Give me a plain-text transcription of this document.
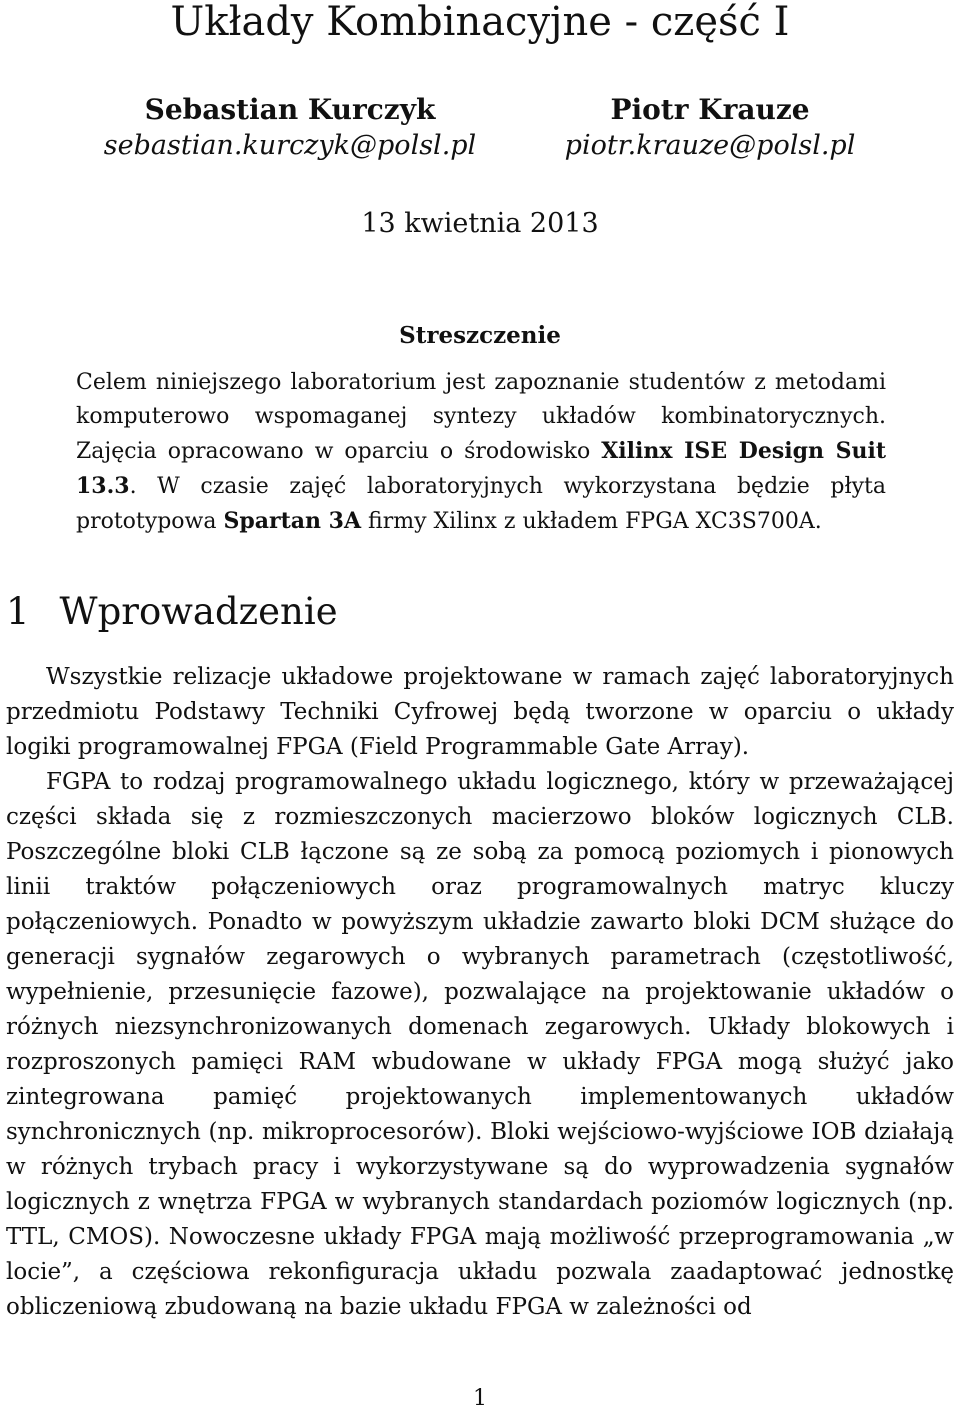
Układy Kombinacyjne - część I
Sebastian Kurczyk
sebastian.kurczyk@polsl.pl
Piotr Krauze
piotr.krauze@polsl.pl
13 kwietnia 2013
Streszczenie

Celem niniejszego laboratorium jest zapoznanie studentów z metodami komputerowo wspomaganej syntezy układów kombinatorycznych. Zajęcia opracowano w oparciu o środowisko Xilinx ISE Design Suit 13.3. W czasie zajęć laboratoryjnych wykorzystana będzie płyta prototypowa Spartan 3A firmy Xilinx z układem FPGA XC3S700A.

1 Wprowadzenie

Wszystkie relizacje układowe projektowane w ramach zajęć laboratoryjnych przedmiotu Podstawy Techniki Cyfrowej będą tworzone w oparciu o układy logiki programowalnej FPGA (Field Programmable Gate Array).

FGPA to rodzaj programowalnego układu logicznego, który w przeważającej części składa się z rozmieszczonych macierzowo bloków logicznych CLB. Poszczególne bloki CLB łączone są ze sobą za pomocą poziomych i pionowych linii traktów połączeniowych oraz programowalnych matryc kluczy połączeniowych. Ponadto w powyższym układzie zawarto bloki DCM służące do generacji sygnałów zegarowych o wybranych parametrach (częstotliwość, wypełnienie, przesunięcie fazowe), pozwalające na projektowanie układów o różnych niezsynchronizowanych domenach zegarowych. Układy blokowych i rozproszonych pamięci RAM wbudowane w układy FPGA mogą służyć jako zintegrowana pamięć projektowanych implementowanych układów synchronicznych (np. mikroprocesorów). Bloki wejściowo-wyjściowe IOB działają w różnych trybach pracy i wykorzystywane są do wyprowadzenia sygnałów logicznych z wnętrza FPGA w wybranych standardach poziomów logicznych (np. TTL, CMOS). Nowoczesne układy FPGA mają możliwość przeprogramowania „w locie”, a częściowa rekonfiguracja układu pozwala zaadaptować jednostkę obliczeniową zbudowaną na bazie układu FPGA w zależności od

1
